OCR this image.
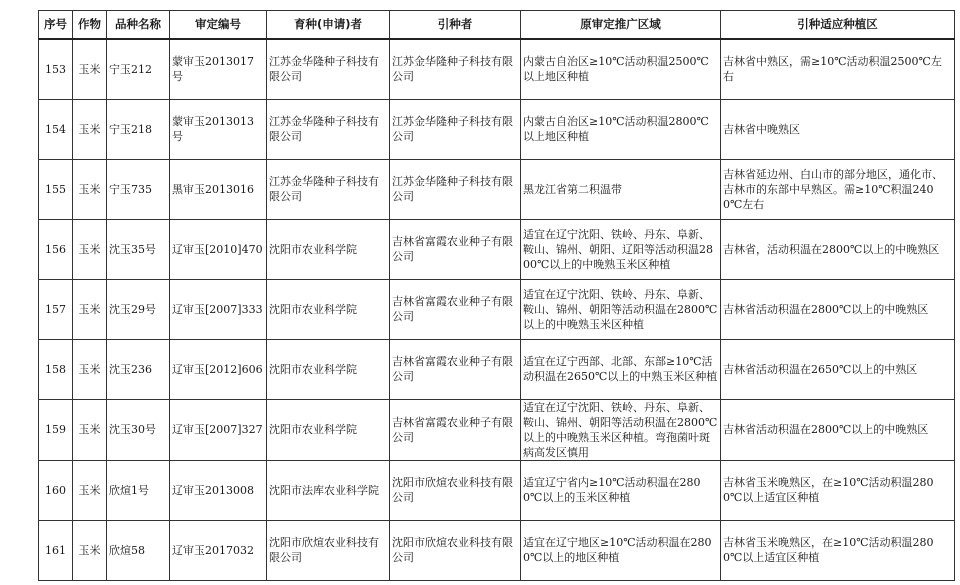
序号	作物	品种名称	审定编号	育种(申请)者	引种者	原审定推广区域	引种适应种植区
153	玉米	宁玉212	蒙审玉2013017号	江苏金华隆种子科技有限公司	江苏金华隆种子科技有限公司	内蒙古自治区≥10℃活动积温2500℃以上地区种植	吉林省中熟区，需≥10℃活动积温2500℃左右
154	玉米	宁玉218	蒙审玉2013013号	江苏金华隆种子科技有限公司	江苏金华隆种子科技有限公司	内蒙古自治区≥10℃活动积温2800℃以上地区种植	吉林省中晚熟区
155	玉米	宁玉735	黑审玉2013016	江苏金华隆种子科技有限公司	江苏金华隆种子科技有限公司	黑龙江省第二积温带	吉林省延边州、白山市的部分地区，通化市、吉林市的东部中早熟区。需≥10℃积温2400℃左右
156	玉米	沈玉35号	辽审玉[2010]470	沈阳市农业科学院	吉林省富霞农业种子有限公司	适宜在辽宁沈阳、铁岭、丹东、阜新、鞍山、锦州、朝阳、辽阳等活动积温2800℃以上的中晚熟玉米区种植	吉林省，活动积温在2800℃以上的中晚熟区
157	玉米	沈玉29号	辽审玉[2007]333	沈阳市农业科学院	吉林省富霞农业种子有限公司	适宜在辽宁沈阳、铁岭、丹东、阜新、鞍山、锦州、朝阳等活动积温在2800℃以上的中晚熟玉米区种植	吉林省活动积温在2800℃以上的中晚熟区
158	玉米	沈玉236	辽审玉[2012]606	沈阳市农业科学院	吉林省富霞农业种子有限公司	适宜在辽宁西部、北部、东部≥10℃活动积温在2650℃以上的中熟玉米区种植	吉林省活动积温在2650℃以上的中熟区
159	玉米	沈玉30号	辽审玉[2007]327	沈阳市农业科学院	吉林省富霞农业种子有限公司	适宜在辽宁沈阳、铁岭、丹东、阜新、鞍山、锦州、朝阳等活动积温在2800℃以上的中晚熟玉米区种植。弯孢菌叶斑病高发区慎用	吉林省活动积温在2800℃以上的中晚熟区
160	玉米	欣煊1号	辽审玉2013008	沈阳市法库农业科学院	沈阳市欣煊农业科技有限公司	适宜辽宁省内≥10℃活动积温在2800℃以上的玉米区种植	吉林省玉米晚熟区，在≥10℃活动积温2800℃以上适宜区种植
161	玉米	欣煊58	辽审玉2017032	沈阳市欣煊农业科技有限公司	沈阳市欣煊农业科技有限公司	适宜在辽宁地区≥10℃活动积温在2800℃以上的地区种植	吉林省玉米晚熟区，在≥10℃活动积温2800℃以上适宜区种植
